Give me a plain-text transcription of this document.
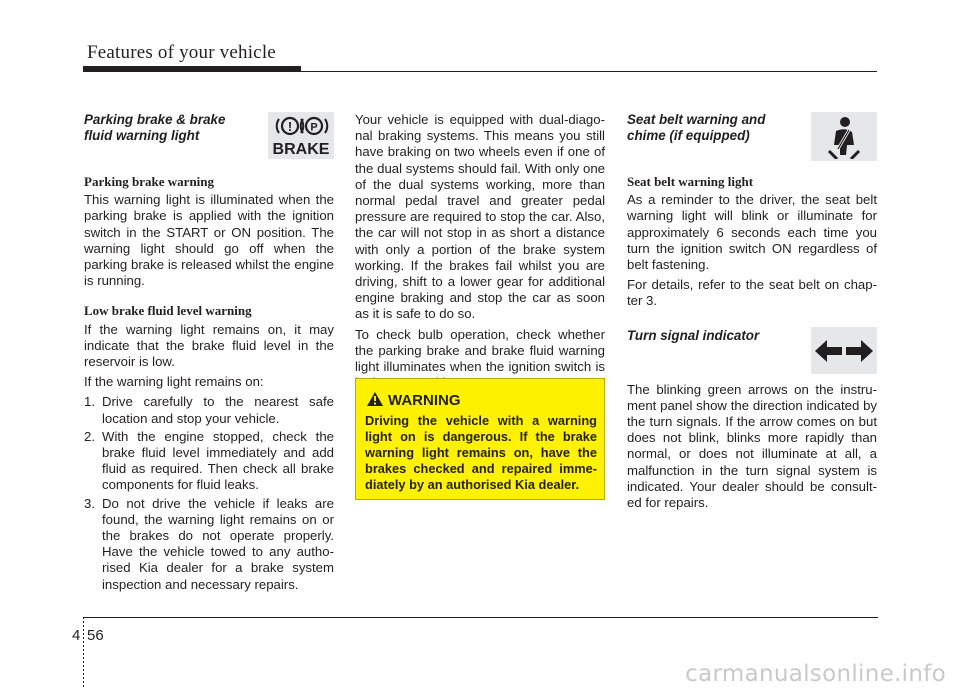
Features of your vehicle
Parking brake & brake
fluid warning light
Parking brake warning

This warning light is illuminated when the parking brake is applied with the ignition switch in the START or ON position. The warning light should go off when the parking brake is released whilst the engine is running.

Low brake fluid level warning

If the warning light remains on, it may indicate that the brake fluid level in the reservoir is low.

If the warning light remains on:

1. Drive carefully to the nearest safe location and stop your vehicle.
2. With the engine stopped, check the brake fluid level immediately and add fluid as required. Then check all brake components for fluid leaks.
3. Do not drive the vehicle if leaks are found, the warning light remains on or the brakes do not operate properly. Have the vehicle towed to any autho-rised Kia dealer for a brake system inspection and necessary repairs.
! P
BRAKE

Your vehicle is equipped with dual-diago-nal braking systems. This means you still have braking on two wheels even if one of the dual systems should fail. With only one of the dual systems working, more than normal pedal travel and greater pedal pressure are required to stop the car. Also, the car will not stop in as short a distance with only a portion of the brake system working. If the brakes fail whilst you are driving, shift to a lower gear for additional engine braking and stop the car as soon as it is safe to do so.

To check bulb operation, check whether the parking brake and brake fluid warning light illuminates when the ignition switch is

WARNING
Driving the vehicle with a warning light on is dangerous. If the brake warning light remains on, have the brakes checked and repaired imme-diately by an authorised Kia dealer.
Seat belt warning and
chime (if equipped)
Seat belt warning light

As a reminder to the driver, the seat belt warning light will blink or illuminate for approximately 6 seconds each time you turn the ignition switch ON regardless of belt fastening.

For details, refer to the seat belt on chap-ter 3.

Turn signal indicator

The blinking green arrows on the instru-ment panel show the direction indicated by the turn signals. If the arrow comes on but does not blink, blinks more rapidly than normal, or does not illuminate at all, a malfunction in the turn signal system is indicated. Your dealer should be consult-ed for repairs.

4 56
carmanualsonline.info
